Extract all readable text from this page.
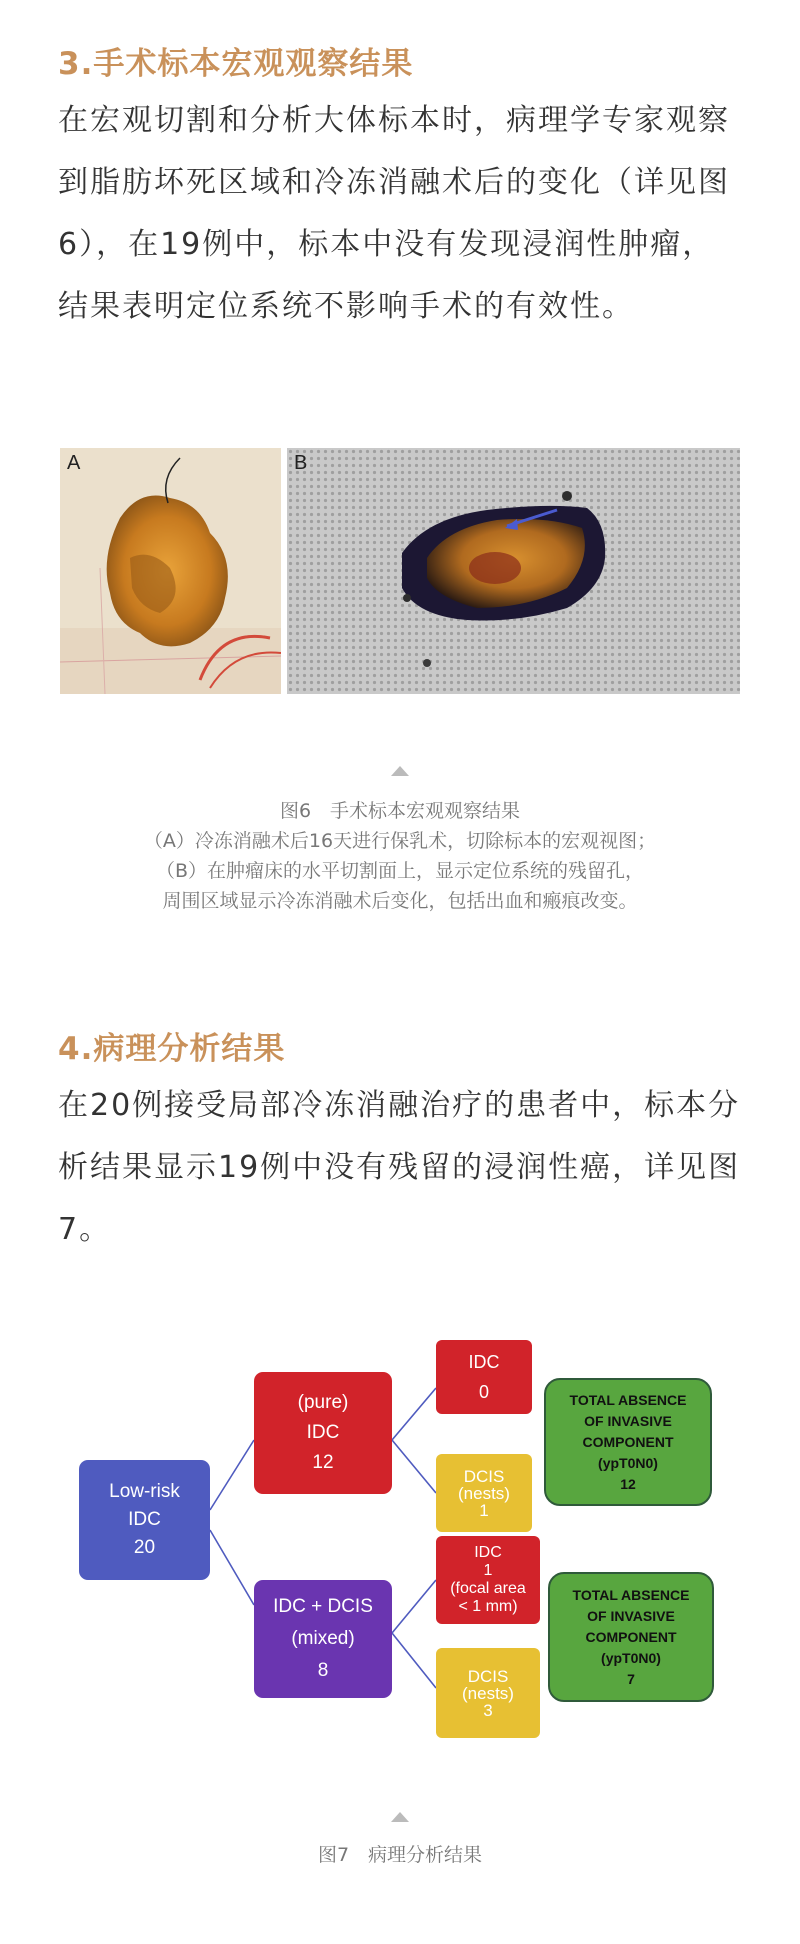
3.手术标本宏观观察结果

在宏观切割和分析大体标本时，病理学专家观察到脂肪坏死区域和冷冻消融术后的变化（详见图6），在19例中，标本中没有发现浸润性肿瘤，结果表明定位系统不影响手术的有效性。

A	B
图6　手术标本宏观观察结果
（A）冷冻消融术后16天进行保乳术，切除标本的宏观视图；
（B）在肿瘤床的水平切割面上，显示定位系统的残留孔，
周围区域显示冷冻消融术后变化，包括出血和瘢痕改变。
4.病理分析结果

在20例接受局部冷冻消融治疗的患者中，标本分析结果显示19例中没有残留的浸润性癌，详见图7。

Low-risk
IDC
20
(pure)
IDC
12
IDC + DCIS
(mixed)
8
IDC
0
DCIS
(nests)
1
IDC
1
(focal area
< 1 mm)
DCIS
(nests)
3
TOTAL ABSENCE
OF INVASIVE
COMPONENT
(ypT0N0)
12
TOTAL ABSENCE
OF INVASIVE
COMPONENT
(ypT0N0)
7
图7　病理分析结果
